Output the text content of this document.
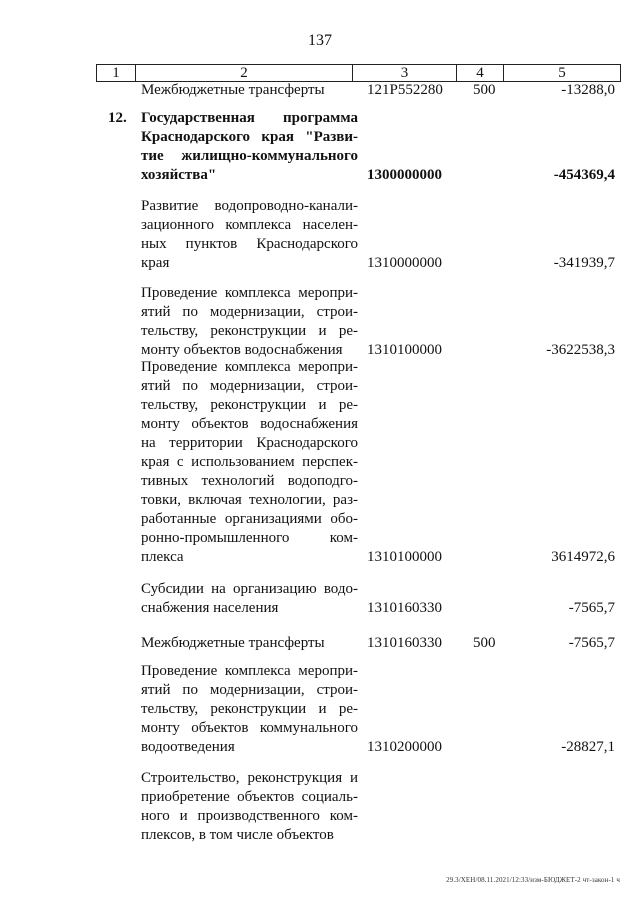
137
1	2	3	4	5
Межбюджетные трансферты	121P552280 500	-13288,0
12. Государственная программа
Краснодарского края "Разви-
тие жилищно-коммунального
хозяйства"	1300000000	-454369,4
Развитие водопроводно-канали-
зационного комплекса населен-
ных пунктов Краснодарского
края	1310000000	-341939,7
Проведение комплекса меропри-
ятий по модернизации, строи-
тельству, реконструкции и ре-
монту объектов водоснабжения	1310100000	-3622538,3
Проведение комплекса меропри-
ятий по модернизации, строи-
тельству, реконструкции и ре-
монту объектов водоснабжения
на территории Краснодарского
края с использованием перспек-
тивных технологий водоподго-
товки, включая технологии, раз-
работанные организациями обо-
ронно-промышленного ком-
плекса	1310100000	3614972,6
Субсидии на организацию водо-
снабжения населения	1310160330	-7565,7
Межбюджетные трансферты	1310160330 500	-7565,7
Проведение комплекса меропри-
ятий по модернизации, строи-
тельству, реконструкции и ре-
монту объектов коммунального
водоотведения	1310200000	-28827,1
Строительство, реконструкция и
приобретение объектов социаль-
ного и производственного ком-
плексов, в том числе объектов
29.3/ХЕН/08.11.2021/12:33/изм-БЮДЖЕТ-2 чт-закон-1 ч
